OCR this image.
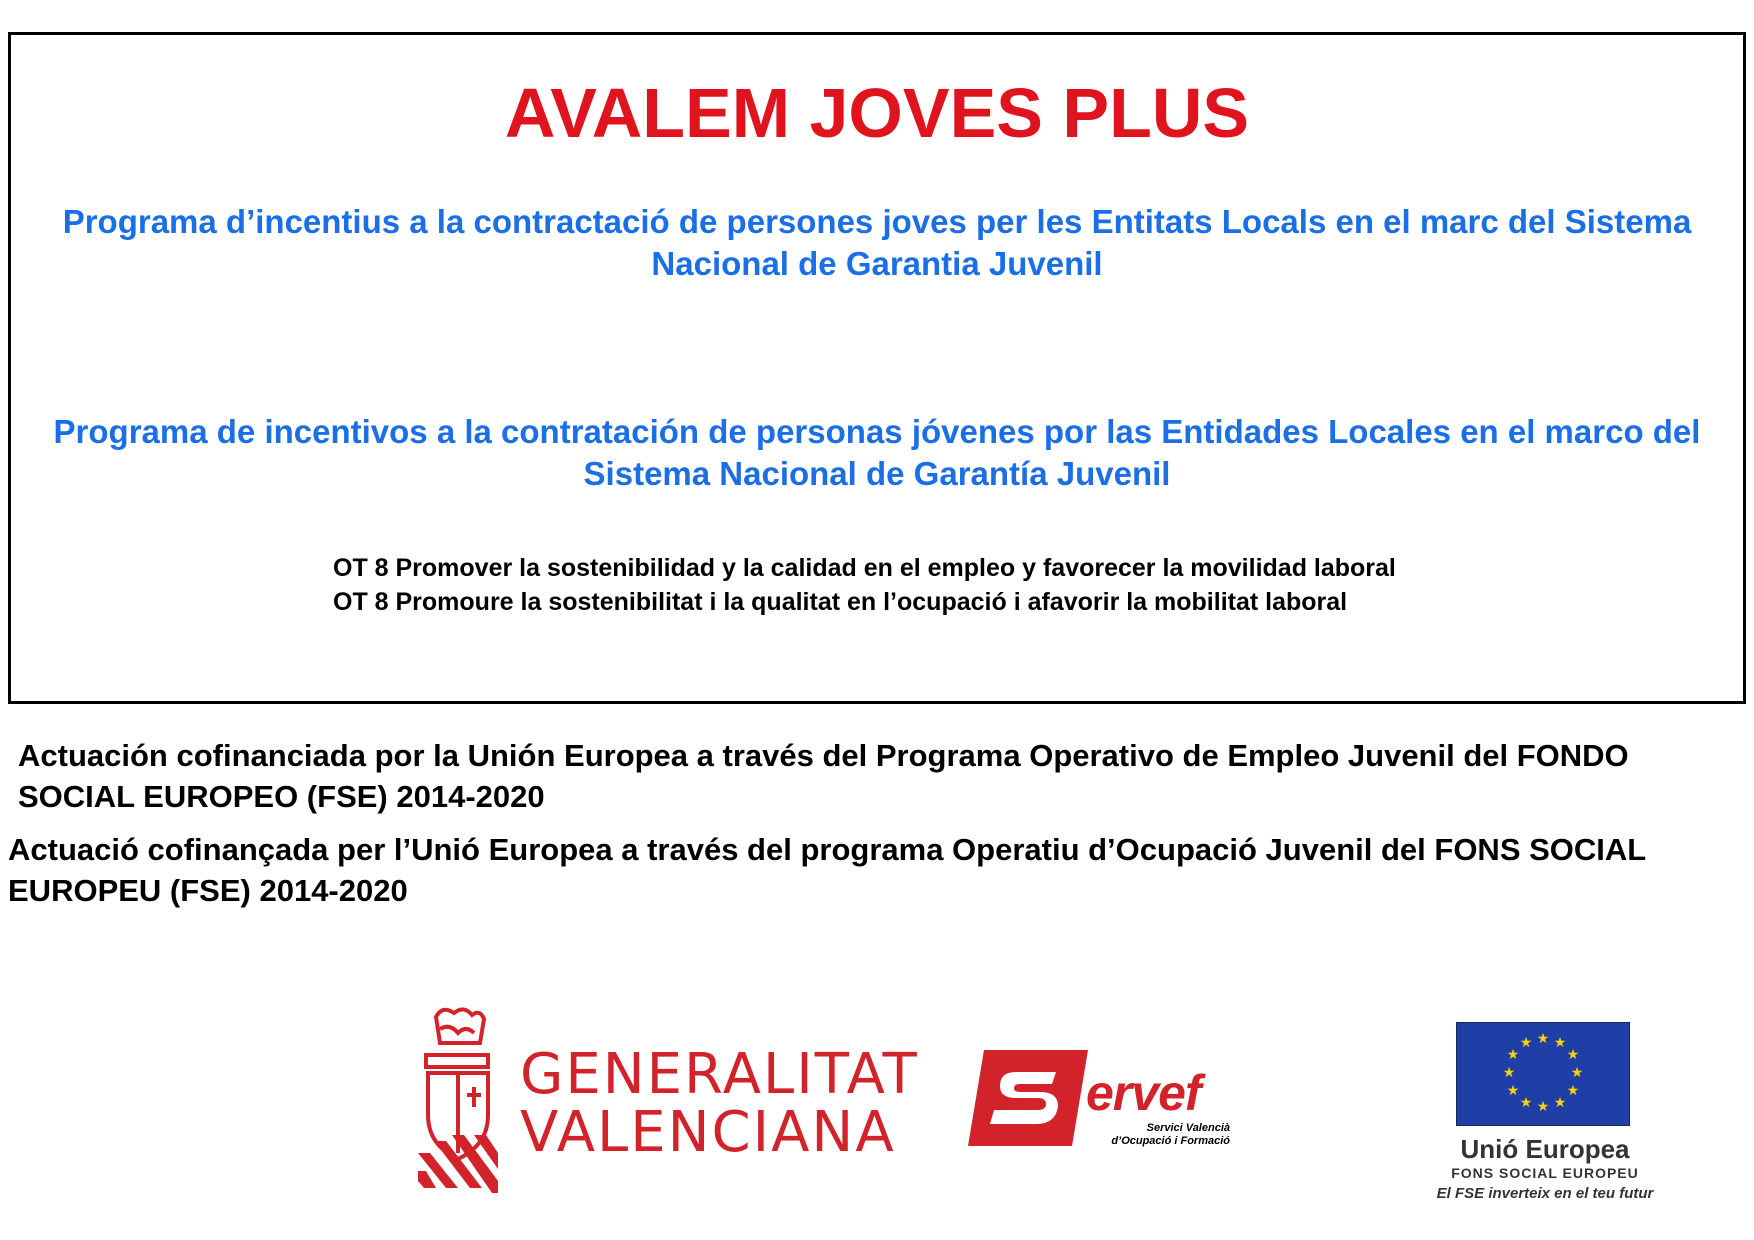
AVALEM JOVES PLUS

Programa d’incentius a la contractació de persones joves per les Entitats Locals en el marc del Sistema Nacional de Garantia Juvenil

Programa de incentivos a la contratación de personas jóvenes por las Entidades Locales en el marco del Sistema Nacional de Garantía Juvenil

OT 8 Promover la sostenibilidad y la calidad en el empleo y favorecer la movilidad laboral

OT 8 Promoure la sostenibilitat i la qualitat en l’ocupació i afavorir la mobilitat laboral

Actuación cofinanciada por la Unión Europea a través del Programa Operativo de Empleo Juvenil del FONDO SOCIAL EUROPEO (FSE) 2014-2020

Actuació cofinançada per l’Unió Europea a través del programa Operatiu d’Ocupació Juvenil del FONS SOCIAL EUROPEU (FSE) 2014-2020

GENERALITAT
VALENCIANA
ervef
Servici Valencià
d’Ocupació i Formació
★ ★
★
★
★
★
★
★
★
★
★
★
Unió Europea
FONS SOCIAL EUROPEU
El FSE inverteix en el teu futur
